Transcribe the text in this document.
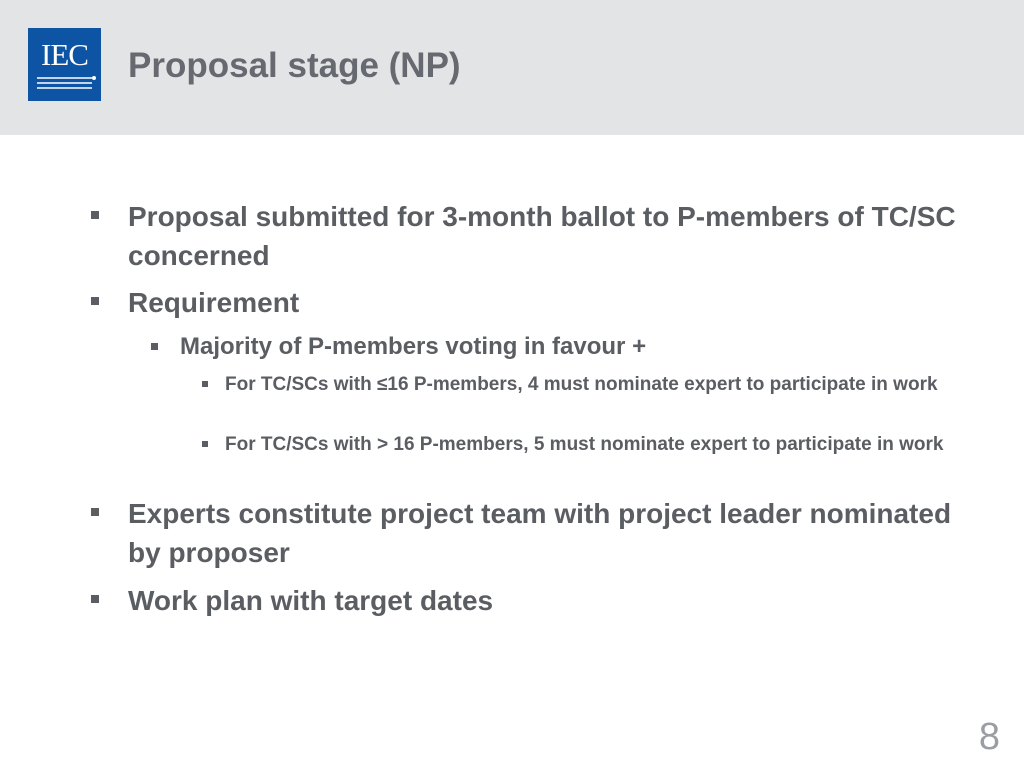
IEC	Proposal stage (NP)
Proposal submitted for 3-month ballot to P-members of TC/SC concerned
Requirement
Majority of P-members voting in favour +
For TC/SCs with ≤16 P-members, 4 must nominate expert to participate in work
For TC/SCs with > 16 P-members, 5 must nominate expert to participate in work
Experts constitute project team with project leader nominated by proposer
Work plan with target dates
8
